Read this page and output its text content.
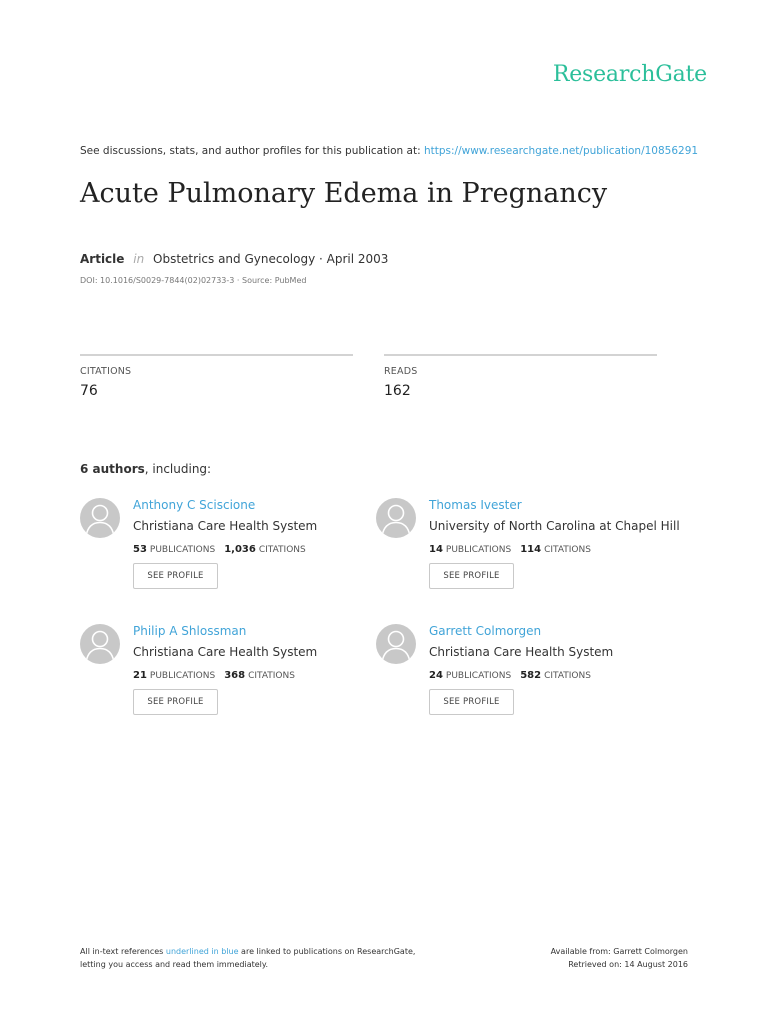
ResearchGate
See discussions, stats, and author profiles for this publication at: https://www.researchgate.net/publication/10856291
Acute Pulmonary Edema in Pregnancy
Article in Obstetrics and Gynecology · April 2003
DOI: 10.1016/S0029-7844(02)02733-3 · Source: PubMed
CITATIONS
76
READS
162
6 authors, including:
Anthony C Sciscione
Christiana Care Health System
53 PUBLICATIONS 1,036 CITATIONS
SEE PROFILE
Thomas Ivester
University of North Carolina at Chapel Hill
14 PUBLICATIONS 114 CITATIONS
SEE PROFILE
Philip A Shlossman
Christiana Care Health System
21 PUBLICATIONS 368 CITATIONS
SEE PROFILE
Garrett Colmorgen
Christiana Care Health System
24 PUBLICATIONS 582 CITATIONS
SEE PROFILE
All in-text references underlined in blue are linked to publications on ResearchGate,
letting you access and read them immediately.
Available from: Garrett Colmorgen
Retrieved on: 14 August 2016
